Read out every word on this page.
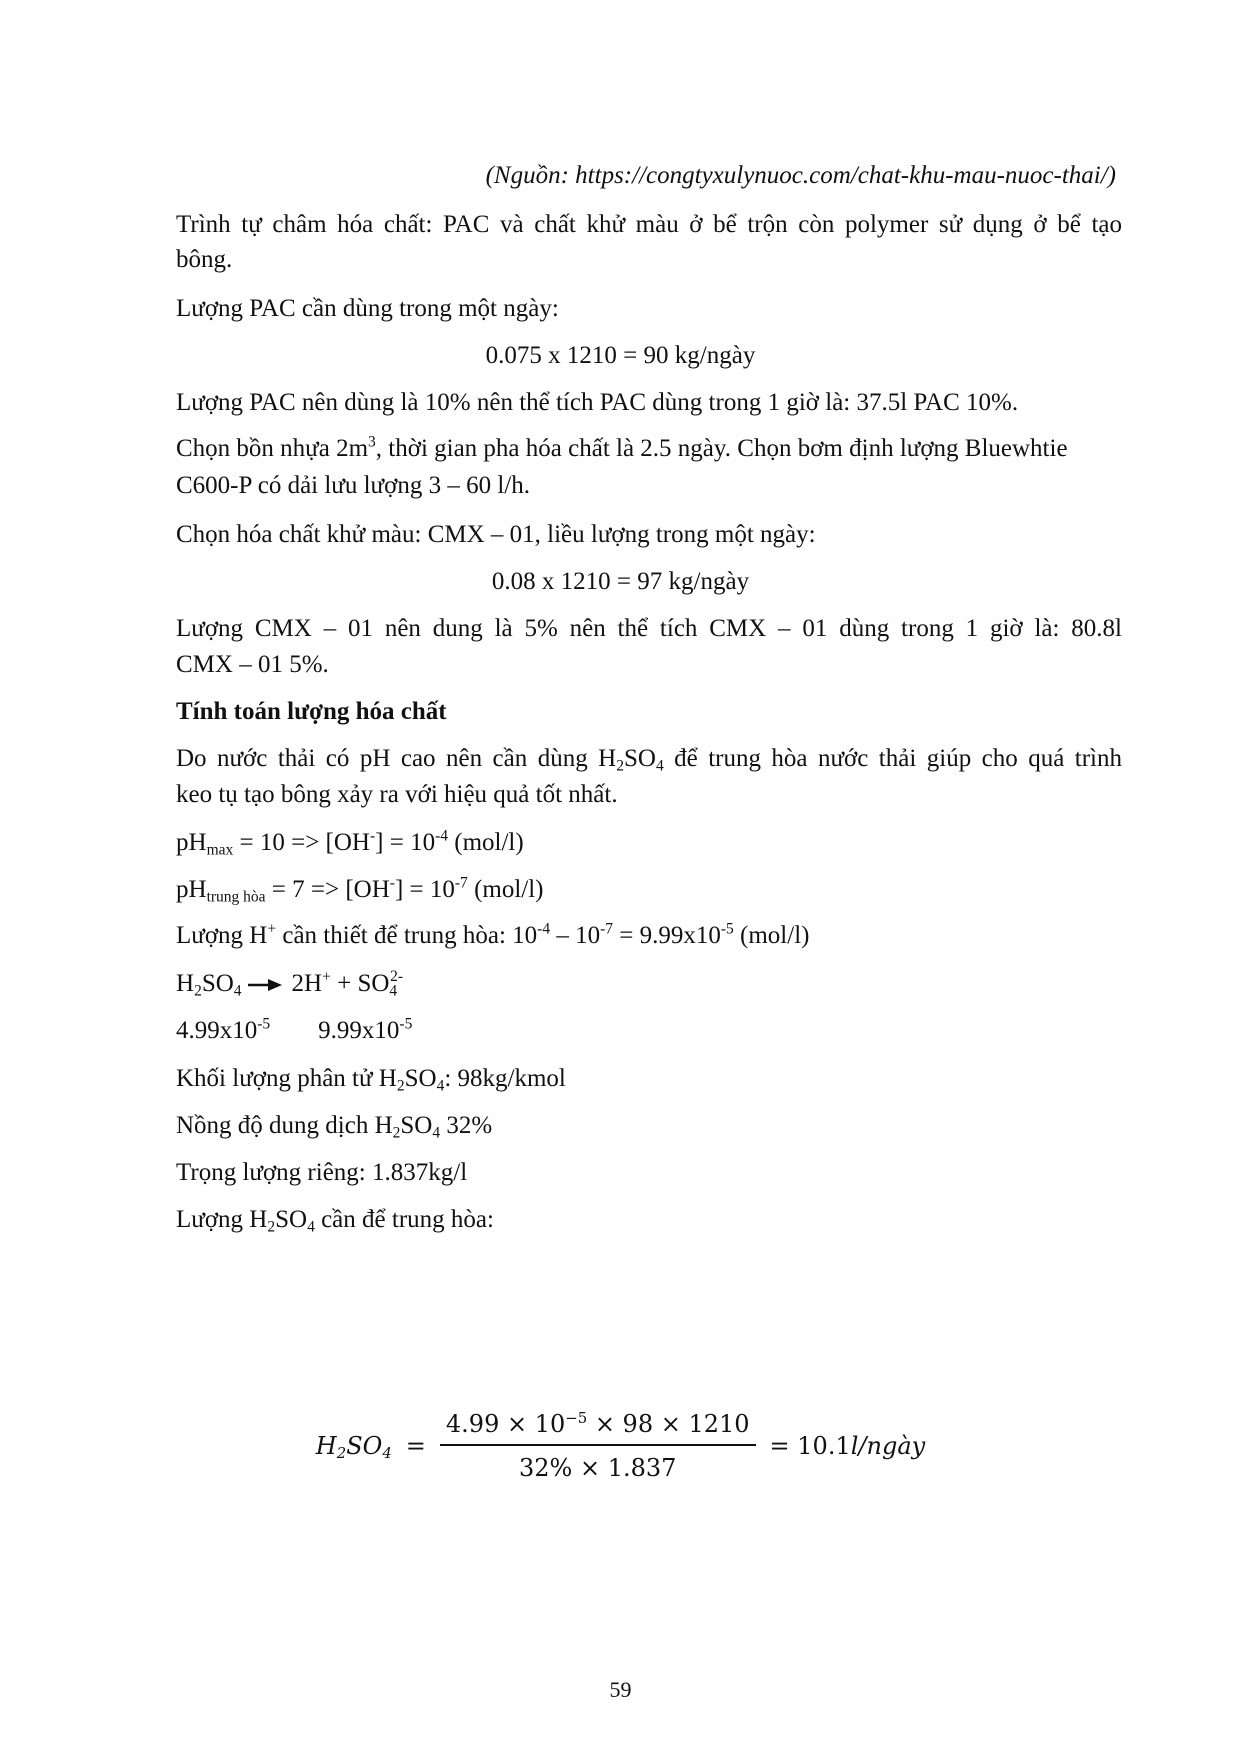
(Nguồn: https://congtyxulynuoc.com/chat-khu-mau-nuoc-thai/)
Trình tự châm hóa chất: PAC và chất khử màu ở bể trộn còn polymer sử dụng ở bể tạo
bông.
Lượng PAC cần dùng trong một ngày:
0.075 x 1210 = 90 kg/ngày
Lượng PAC nên dùng là 10% nên thể tích PAC dùng trong 1 giờ là: 37.5l PAC 10%.
Chọn bồn nhựa $2m^3$, thời gian pha hóa chất là 2.5 ngày. Chọn bơm định lượng Bluewhtie
C600-P có dải lưu lượng 3 – 60 l/h.
Chọn hóa chất khử màu: CMX – 01, liều lượng trong một ngày:
0.08 x 1210 = 97 kg/ngày
Lượng CMX – 01 nên dung là 5% nên thể tích CMX – 01 dùng trong 1 giờ là: 80.8l
CMX – 01 5%.
Tính toán lượng hóa chất
Do nước thải có pH cao nên cần dùng $H_2SO_4$ để trung hòa nước thải giúp cho quá trình
keo tụ tạo bông xảy ra với hiệu quả tốt nhất.
$pH_{max} = 10 => [OH^-] = 10^{-4}$ (mol/l)
$pH_{trung hòa} = 7 => [OH^-] = 10^{-7}$ (mol/l)
Lượng H+ cần thiết để trung hòa: $10^{-4} - 10^{-7} = 9.99x10^{-5}$ (mol/l)
$H_2SO_4 \to 2H^+ + SO_4^{2-}$
$4.99x10^{-5}$ $9.99x10^{-5}$
Khối lượng phân tử $H_2SO_4$: 98kg/kmol
Nồng độ dung dịch $H_2SO_4$ 32%
Trọng lượng riêng: 1.837kg/l
Lượng $H_2SO_4$ cần để trung hòa:
$H_2SO_4 = \frac{4.99 \times 10^{-5} \times 98 \times 1210}{32\% \times 1.837}$ = 10.1l/ngày
59
